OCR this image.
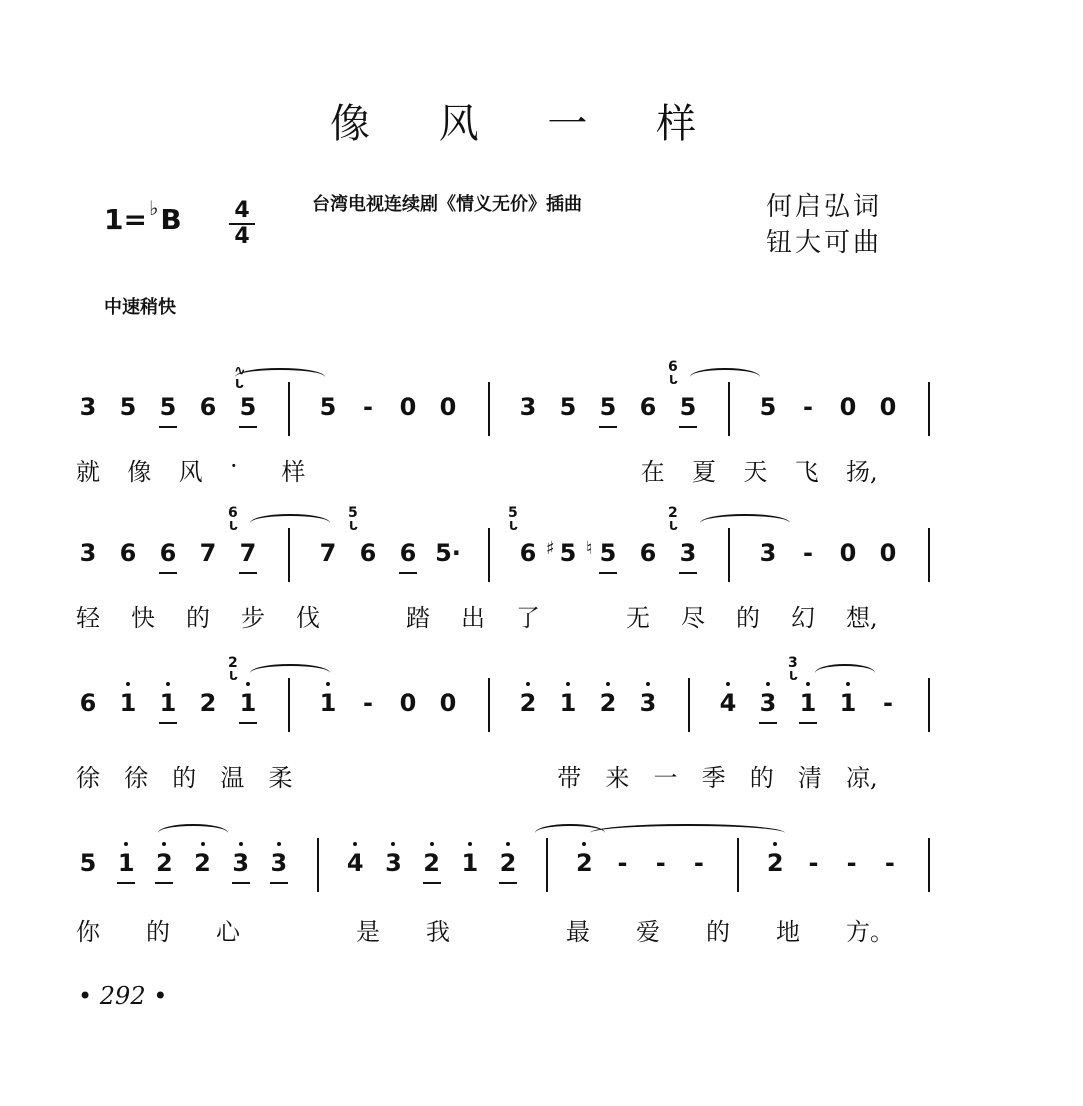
像 风 一 样
1= ♭B 4
4
台湾电视连续剧《情义无价》插曲	何启弘词
钮大可曲
中速稍快
3 5 5 6 5
∿ ᒐ
5	-	0 0	3 5 5 6 5
6 ᒐ
5	-	0 0
就 像 风 · 样	在 夏 天 飞 扬,
3 6 6 7 7
6 ᒐ
7 6
5 ᒐ
6 5· 6
5 ᒐ
5
♯ 5
♮ 6 3
2 ᒐ
3	-	0 0
轻 快 的 步 伐	踏 出 了	无 尽 的 幻 想,
6 1 1 2 1
2 ᒐ
1	-	0 0	2 1 2 3	4 3 1
3 ᒐ
1	-
徐 徐 的 温 柔	带 来 一 季 的 清 凉,
5 1 2 2 3 3 4 3 2 1 2 2	-	-	-	2	-	-	-
你 的 心	是 我	最 爱 的 地 方。
• 292 •
